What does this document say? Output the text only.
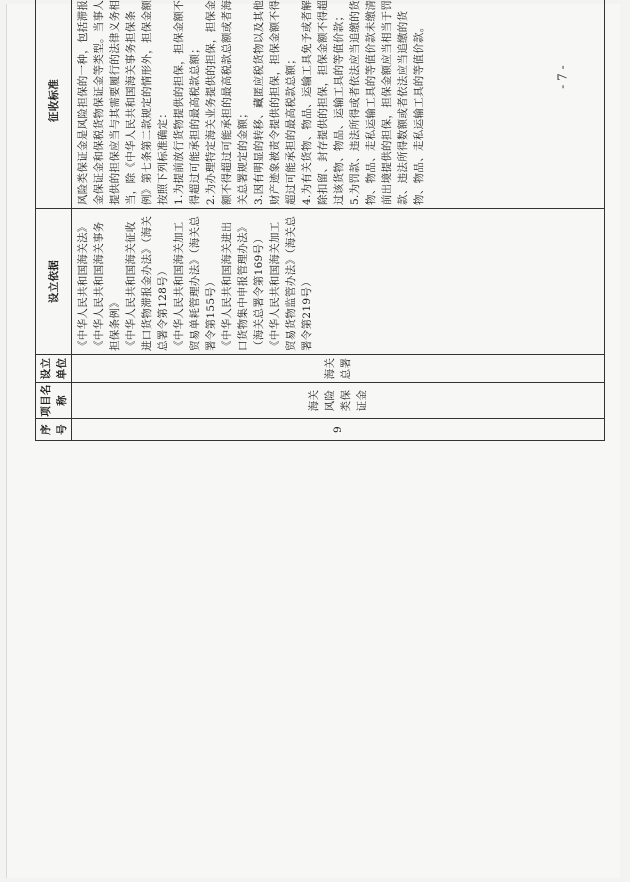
- 7 -
序号
项目名称
设立单位
设立依据
征收标准
9
海关风险类保证金
海关总署
《中华人民共和国海关法》 《中华人民共和国海关事务担保条例》 《中华人民共和国海关征收进口货物滞报金办法》（海关总署令第128号） 《中华人民共和国海关加工贸易单耗管理办法》（海关总署令第155号） 《中华人民共和国海关进出口货物集中申报管理办法》（海关总署令第169号） 《中华人民共和国海关加工贸易货物监管办法》（海关总署令第219号）
风险类保证金是风险担保的一种，包括滞报金保证金和保税货物保证金等类型。当事人提供的担保应当与其需要履行的法律义务相当，除《中华人民共和国海关事务担保条例》第七条第二款规定的情形外，担保金额按照下列标准确定： 1.为提前放行货物提供的担保，担保金额不得超过可能承担的最高税款总额； 2.为办理特定海关业务提供的担保，担保金额不得超过可能承担的最高税款总额或者海关总署规定的金额； 3.因有明显的转移、藏匿应税货物以及其他财产迹象被责令提供的担保，担保金额不得超过可能承担的最高税款总额； 4.为有关货物、物品、运输工具免予或者解除扣留、封存提供的担保，担保金额不得超过该货物、物品、运输工具的等值价款； 5.为罚款、违法所得或者依法应当追缴的货物、物品、走私运输工具的等值价款未缴清前出境提供的担保，担保金额应当相当于罚款、违法所得数额或者依法应当追缴的货物、物品、走私运输工具的等值价款。
